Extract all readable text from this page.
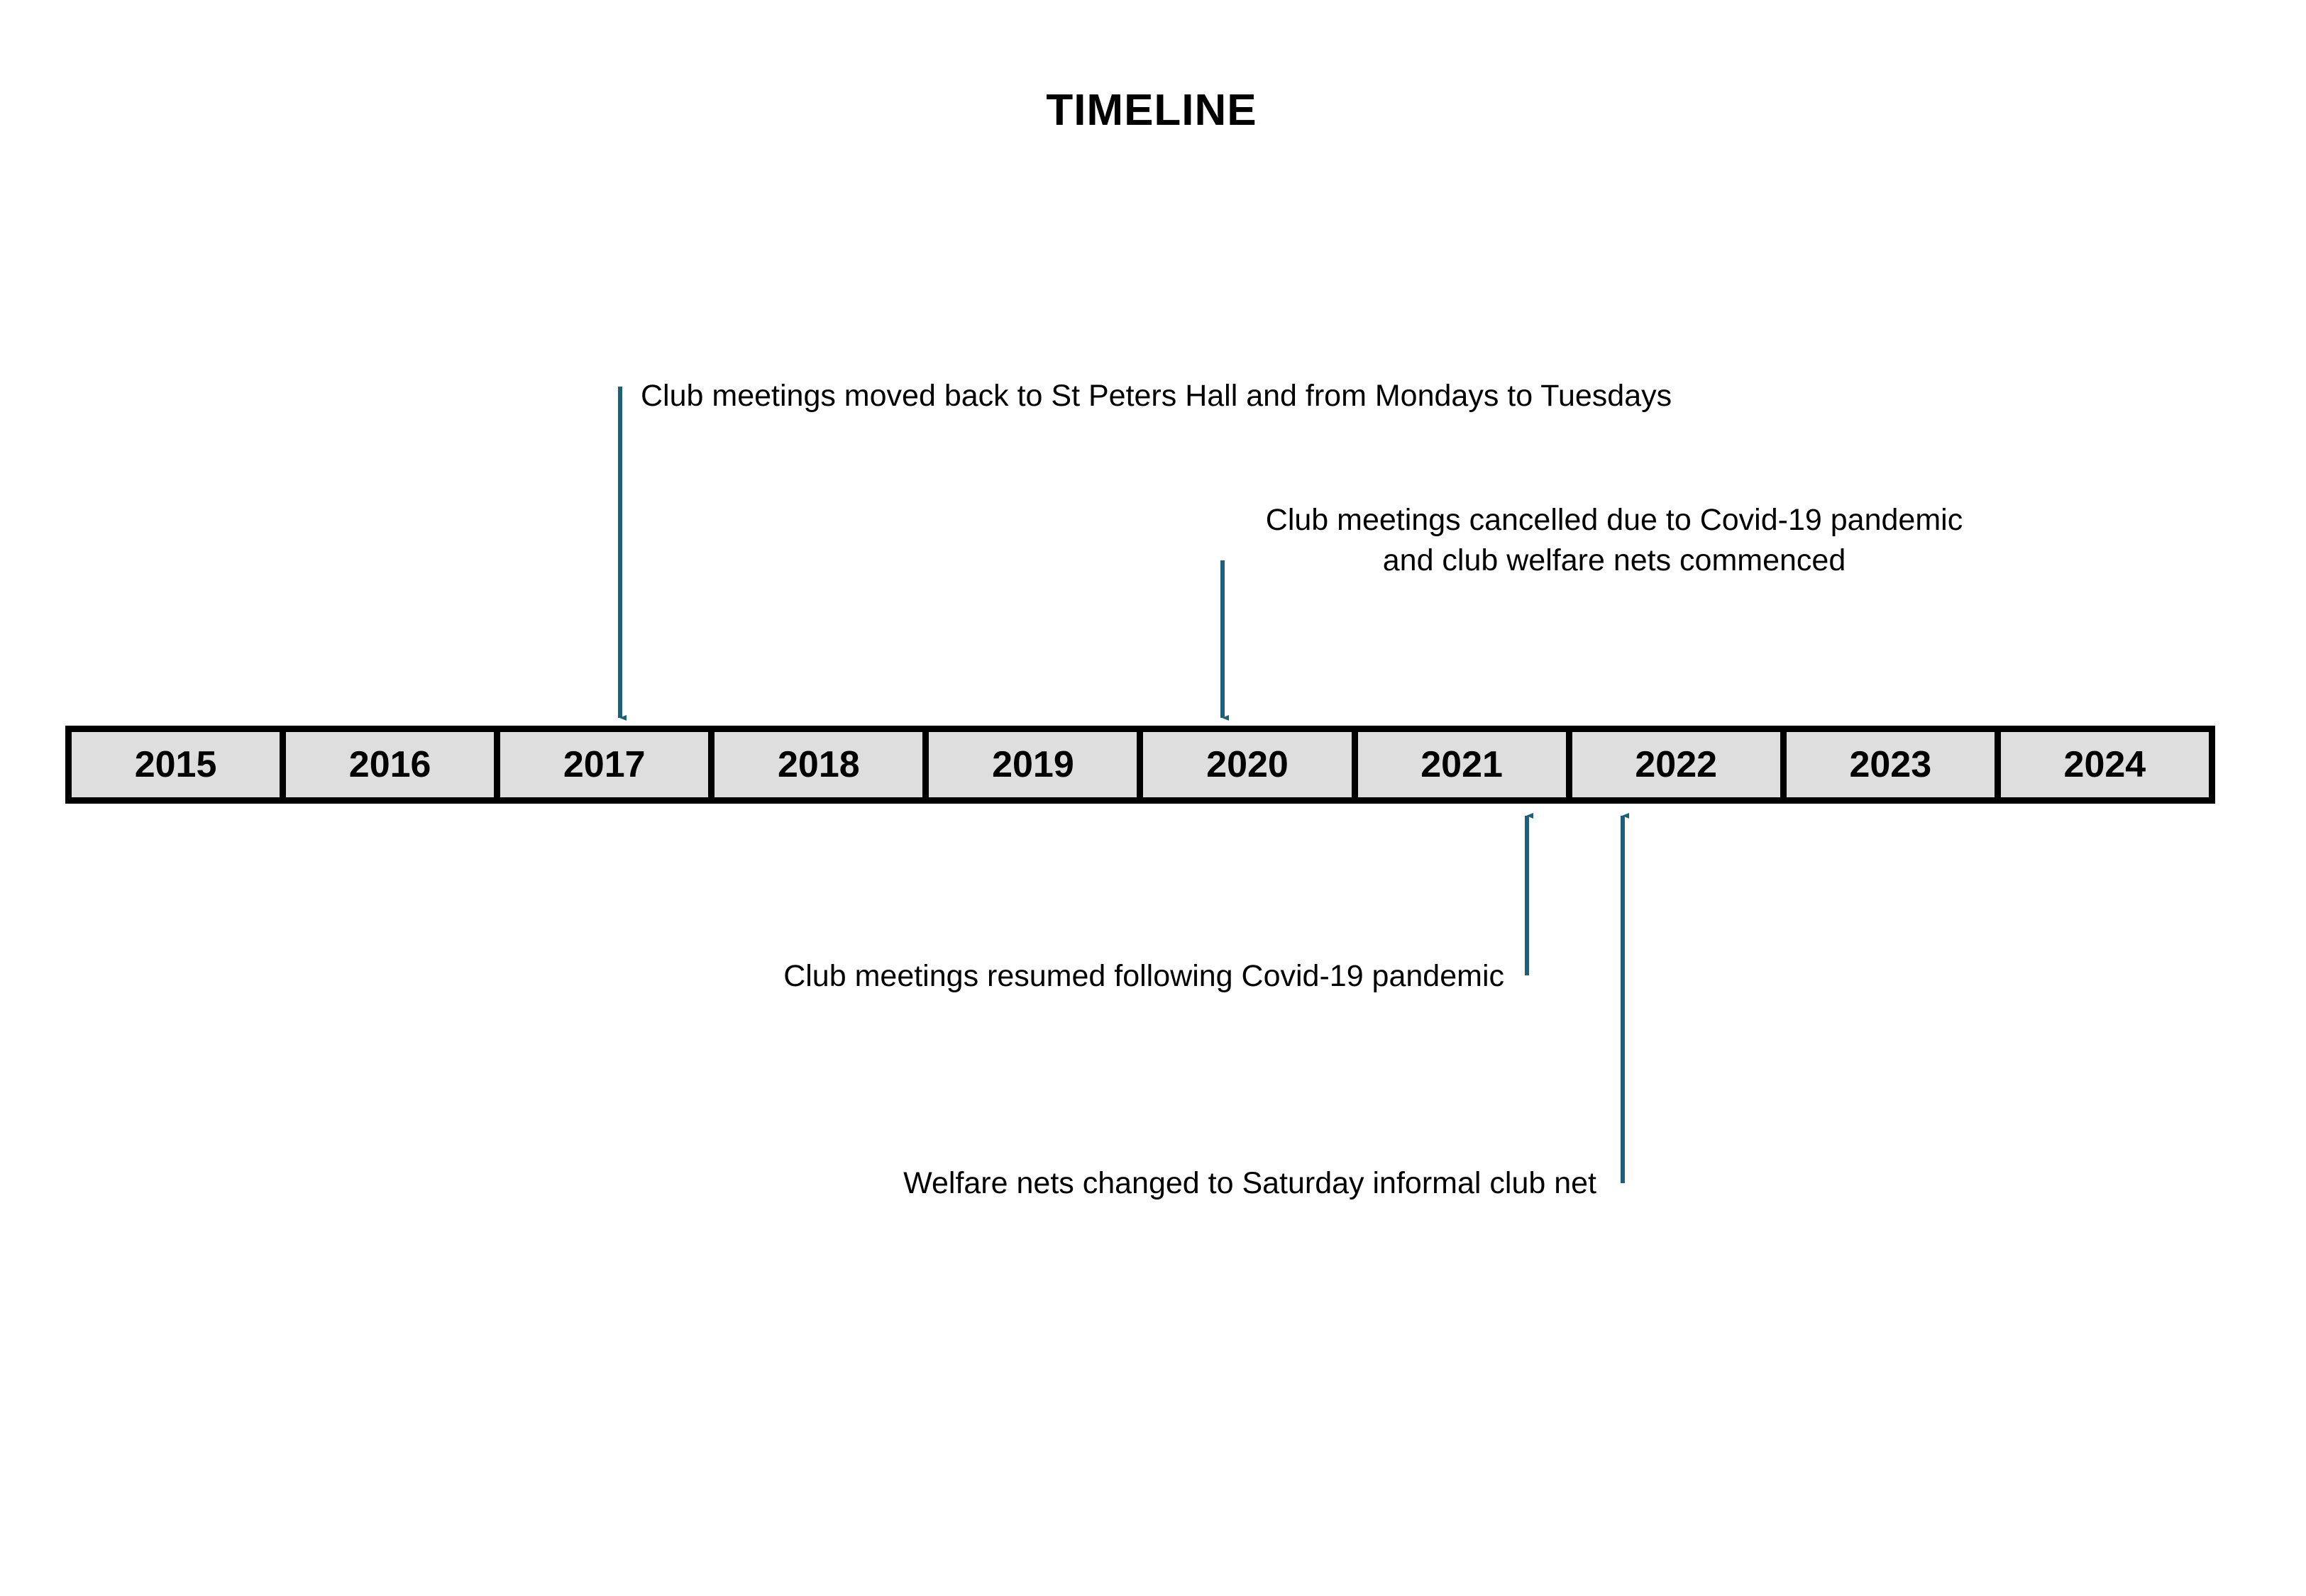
TIMELINE
Club meetings moved back to St Peters Hall and from Mondays to Tuesdays
Club meetings cancelled due to Covid-19 pandemic and club welfare nets commenced
Club meetings resumed following Covid-19 pandemic
Welfare nets changed to Saturday informal club net
2015	2016	2017	2018	2019	2020	2021	2022	2023	2024
